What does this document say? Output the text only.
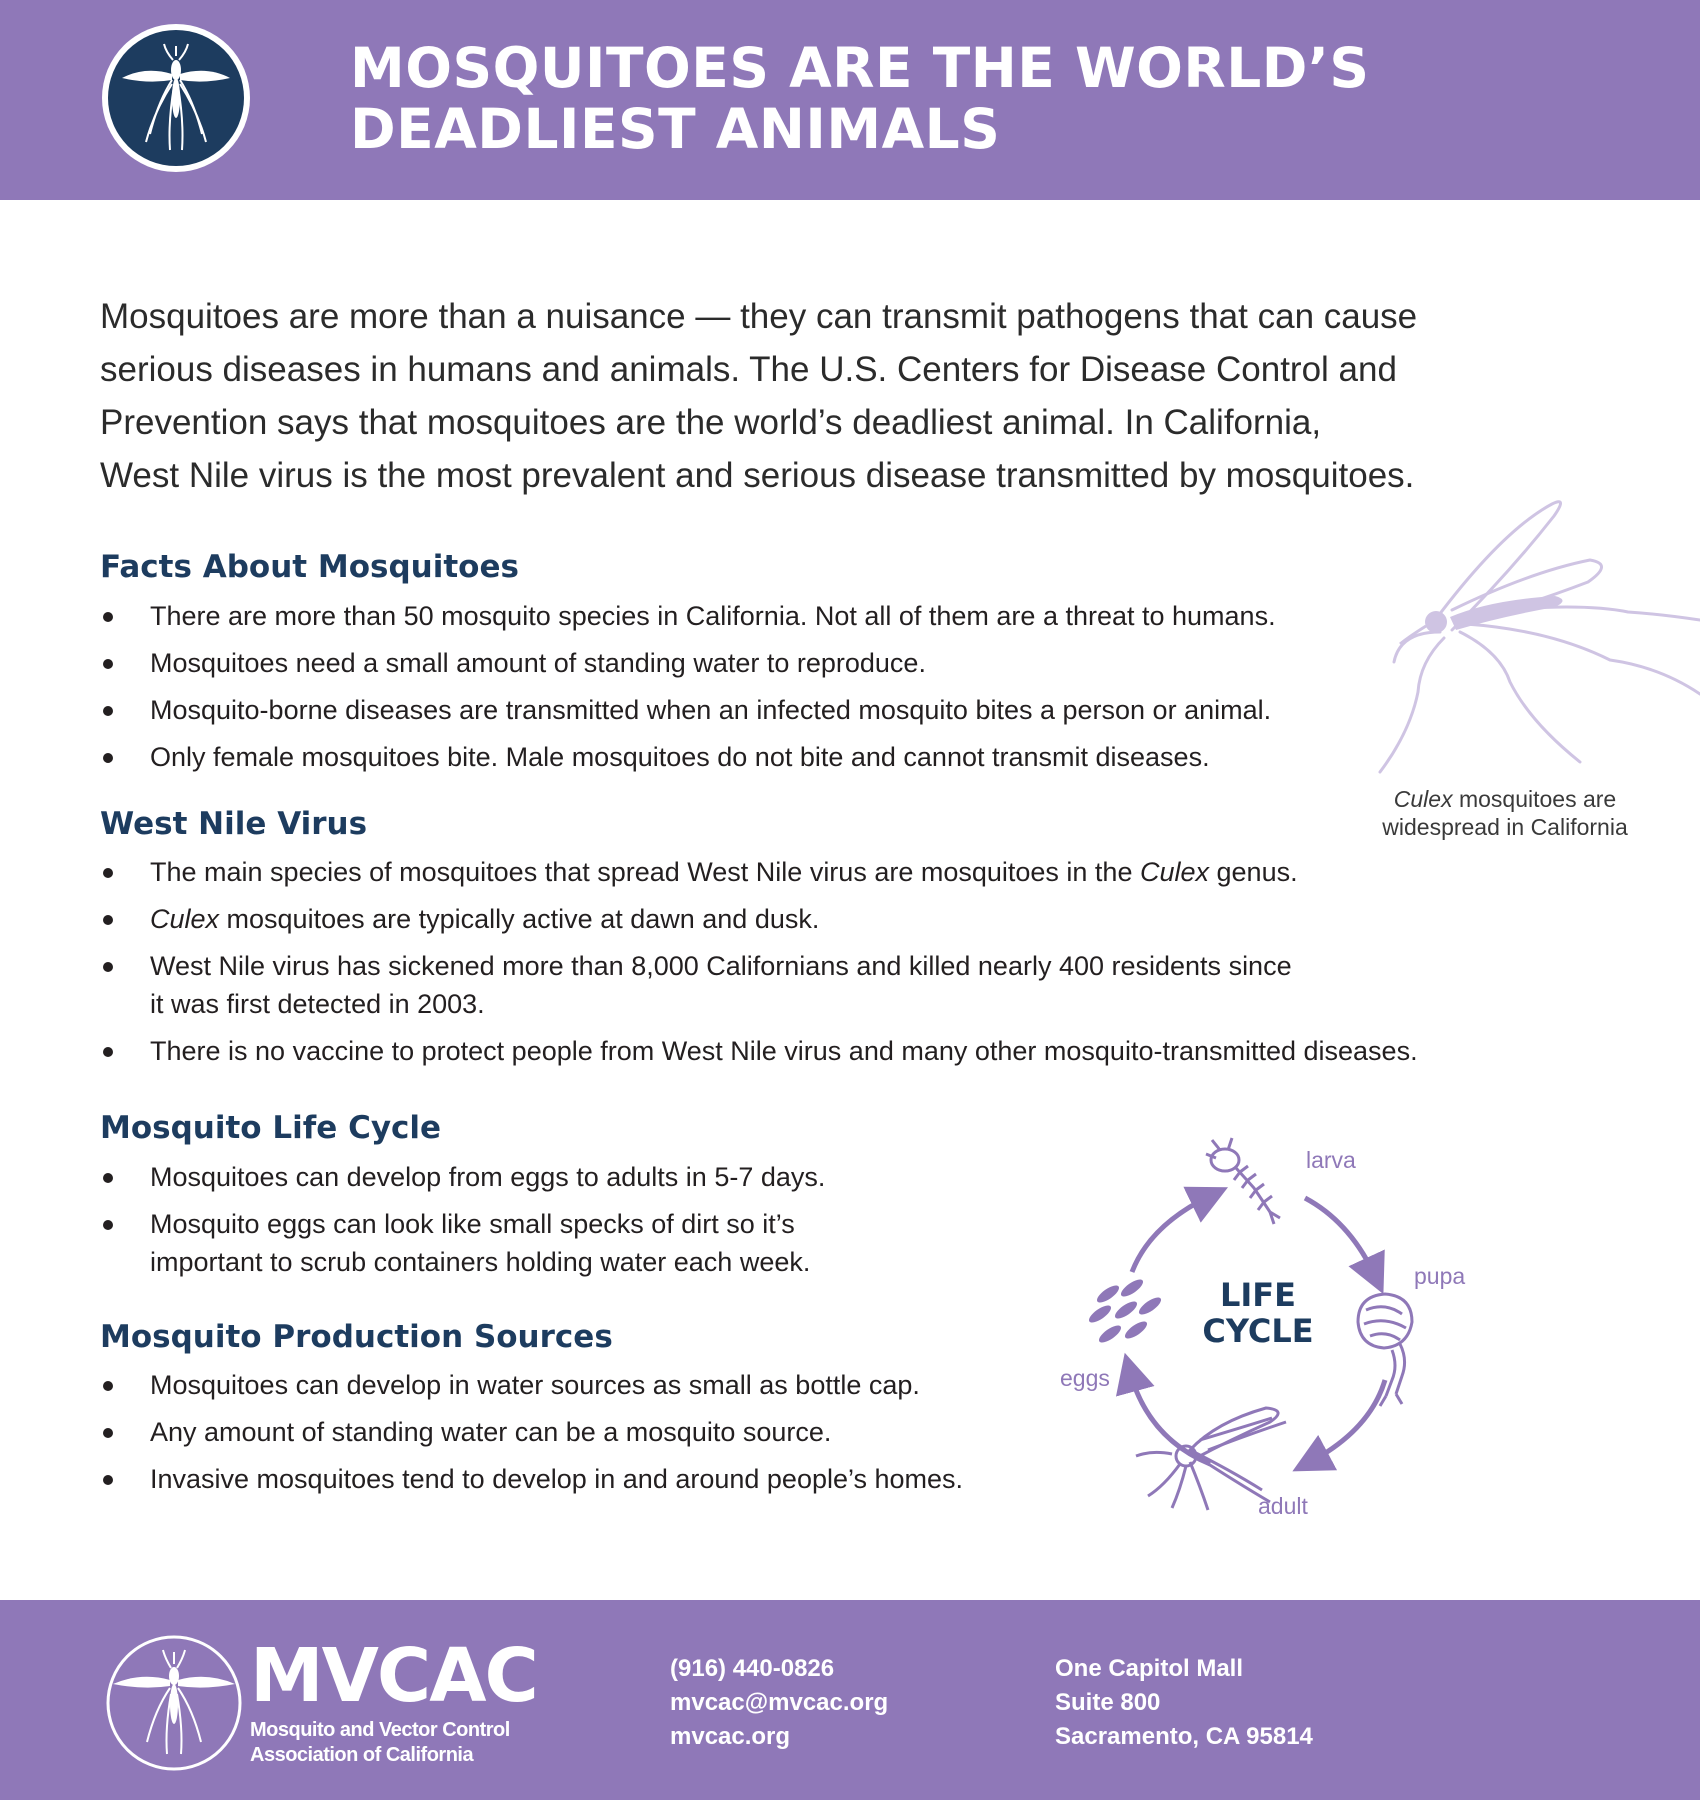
MOSQUITOES ARE THE WORLD’S
DEADLIEST ANIMALS

Mosquitoes are more than a nuisance — they can transmit pathogens that can cause
serious diseases in humans and animals. The U.S. Centers for Disease Control and
Prevention says that mosquitoes are the world’s deadliest animal. In California,
West Nile virus is the most prevalent and serious disease transmitted by mosquitoes.

Facts About Mosquitoes
There are more than 50 mosquito species in California. Not all of them are a threat to humans.
Mosquitoes need a small amount of standing water to reproduce.
Mosquito-borne diseases are transmitted when an infected mosquito bites a person or animal.
Only female mosquitoes bite. Male mosquitoes do not bite and cannot transmit diseases.
Culex mosquitoes are
widespread in California
West Nile Virus
The main species of mosquitoes that spread West Nile virus are mosquitoes in the Culex genus.
Culex mosquitoes are typically active at dawn and dusk.
West Nile virus has sickened more than 8,000 Californians and killed nearly 400 residents since
it was first detected in 2003.
There is no vaccine to protect people from West Nile virus and many other mosquito-transmitted diseases.
Mosquito Life Cycle
Mosquitoes can develop from eggs to adults in 5-7 days.
Mosquito eggs can look like small specks of dirt so it’s
important to scrub containers holding water each week.
Mosquito Production Sources
Mosquitoes can develop in water sources as small as bottle cap.
Any amount of standing water can be a mosquito source.
Invasive mosquitoes tend to develop in and around people’s homes.
larva
pupa
eggs
adult
LIFE
CYCLE
MVCAC
Mosquito and Vector Control
Association of California
(916) 440-0826
mvcac@mvcac.org
mvcac.org
One Capitol Mall
Suite 800
Sacramento, CA 95814
